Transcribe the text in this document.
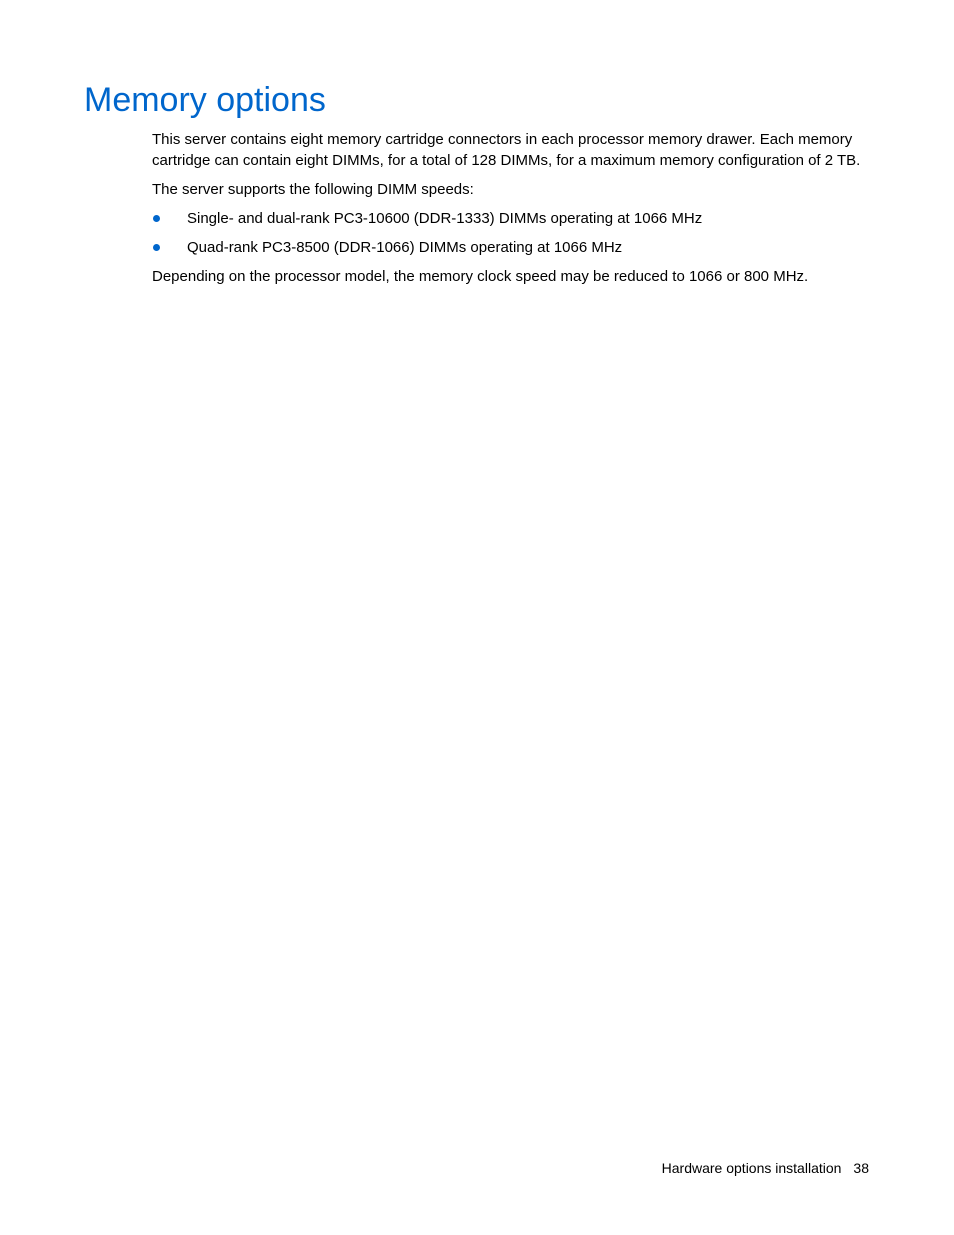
Memory options

This server contains eight memory cartridge connectors in each processor memory drawer. Each memory cartridge can contain eight DIMMs, for a total of 128 DIMMs, for a maximum memory configuration of 2 TB.

The server supports the following DIMM speeds:

Single- and dual-rank PC3-10600 (DDR-1333) DIMMs operating at 1066 MHz
Quad-rank PC3-8500 (DDR-1066) DIMMs operating at 1066 MHz

Depending on the processor model, the memory clock speed may be reduced to 1066 or 800 MHz.

Hardware options installation 38
